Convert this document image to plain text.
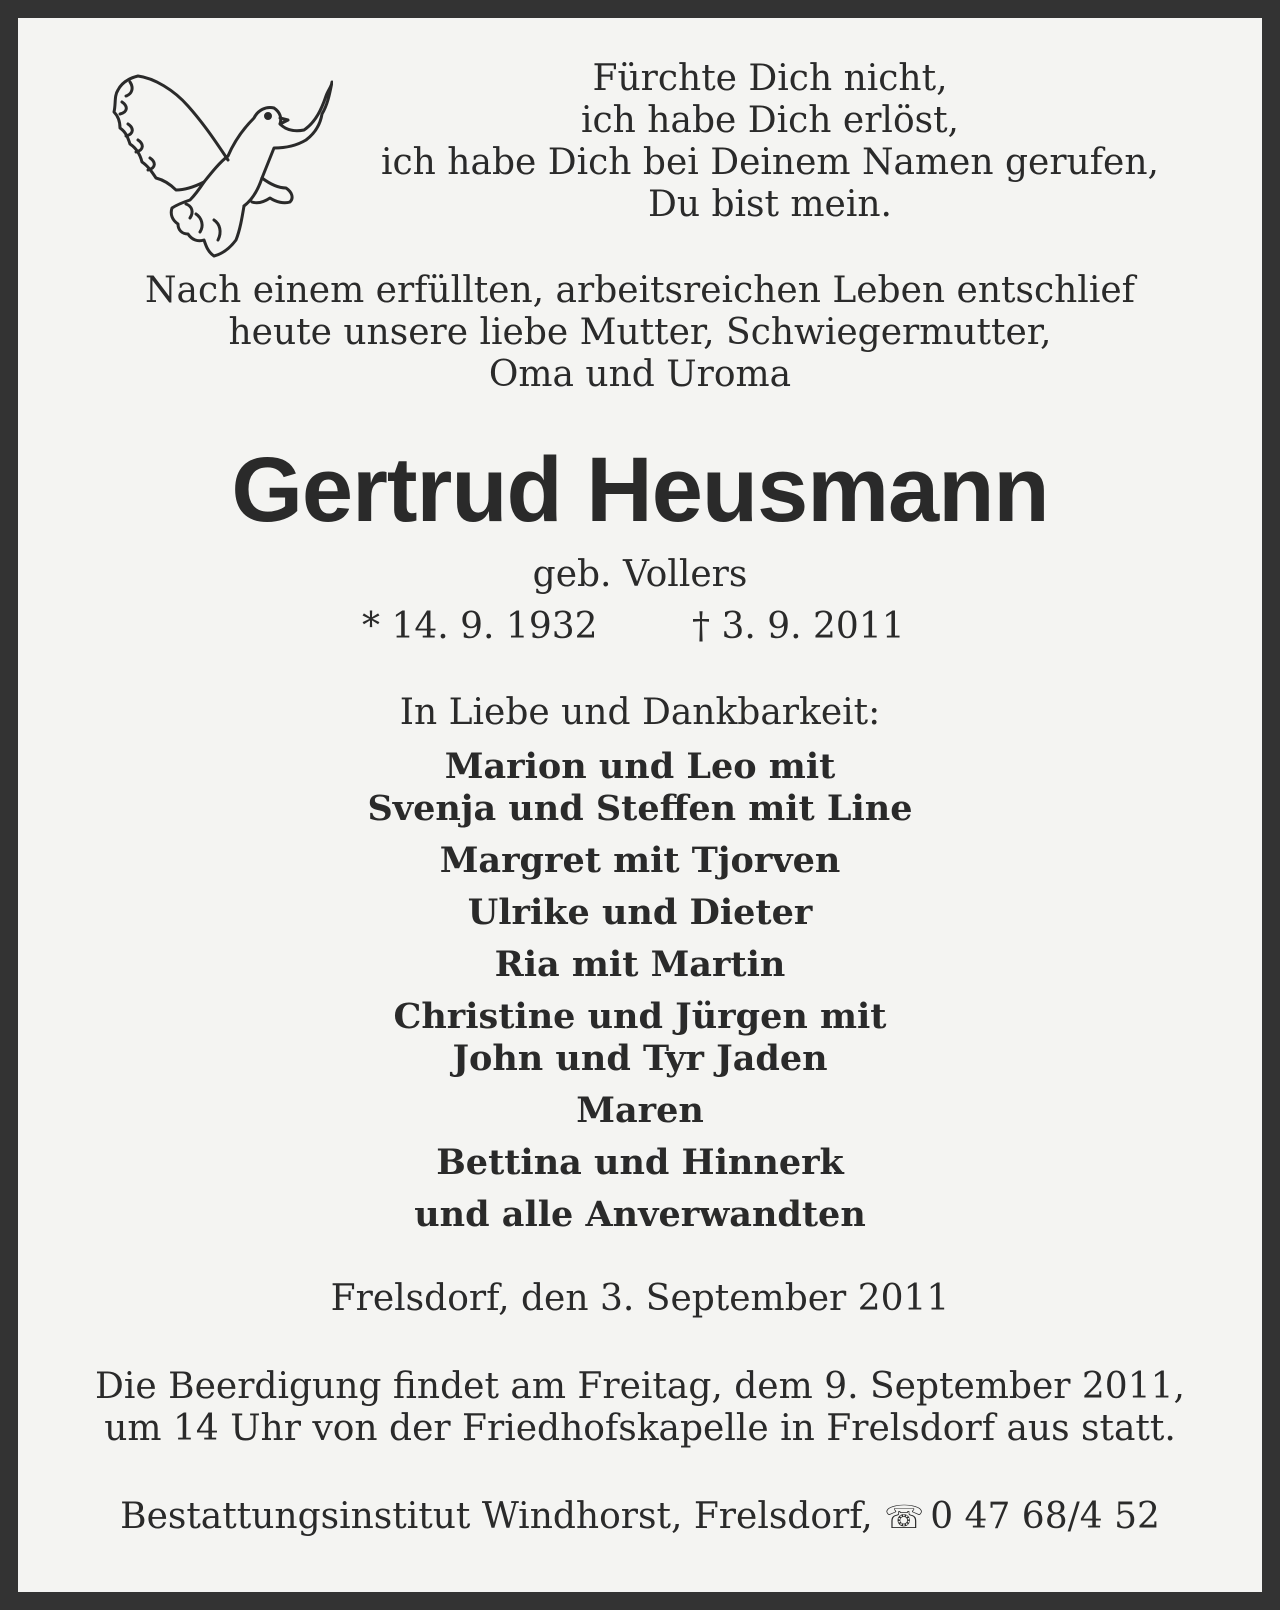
Fürchte Dich nicht,
ich habe Dich erlöst,
ich habe Dich bei Deinem Namen gerufen,
Du bist mein.
Nach einem erfüllten, arbeitsreichen Leben entschlief
heute unsere liebe Mutter, Schwiegermutter,
Oma und Uroma
Gertrud Heusmann
geb. Vollers
* 14. 9. 1932	† 3. 9. 2011
In Liebe und Dankbarkeit:
Marion und Leo mit
Svenja und Steffen mit Line
Margret mit Tjorven
Ulrike und Dieter
Ria mit Martin
Christine und Jürgen mit
John und Tyr Jaden
Maren
Bettina und Hinnerk
und alle Anverwandten
Frelsdorf, den 3. September 2011
Die Beerdigung findet am Freitag, dem 9. September 2011,
um 14 Uhr von der Friedhofskapelle in Frelsdorf aus statt.
Bestattungsinstitut Windhorst, Frelsdorf, ☏ 0 47 68/4 52
